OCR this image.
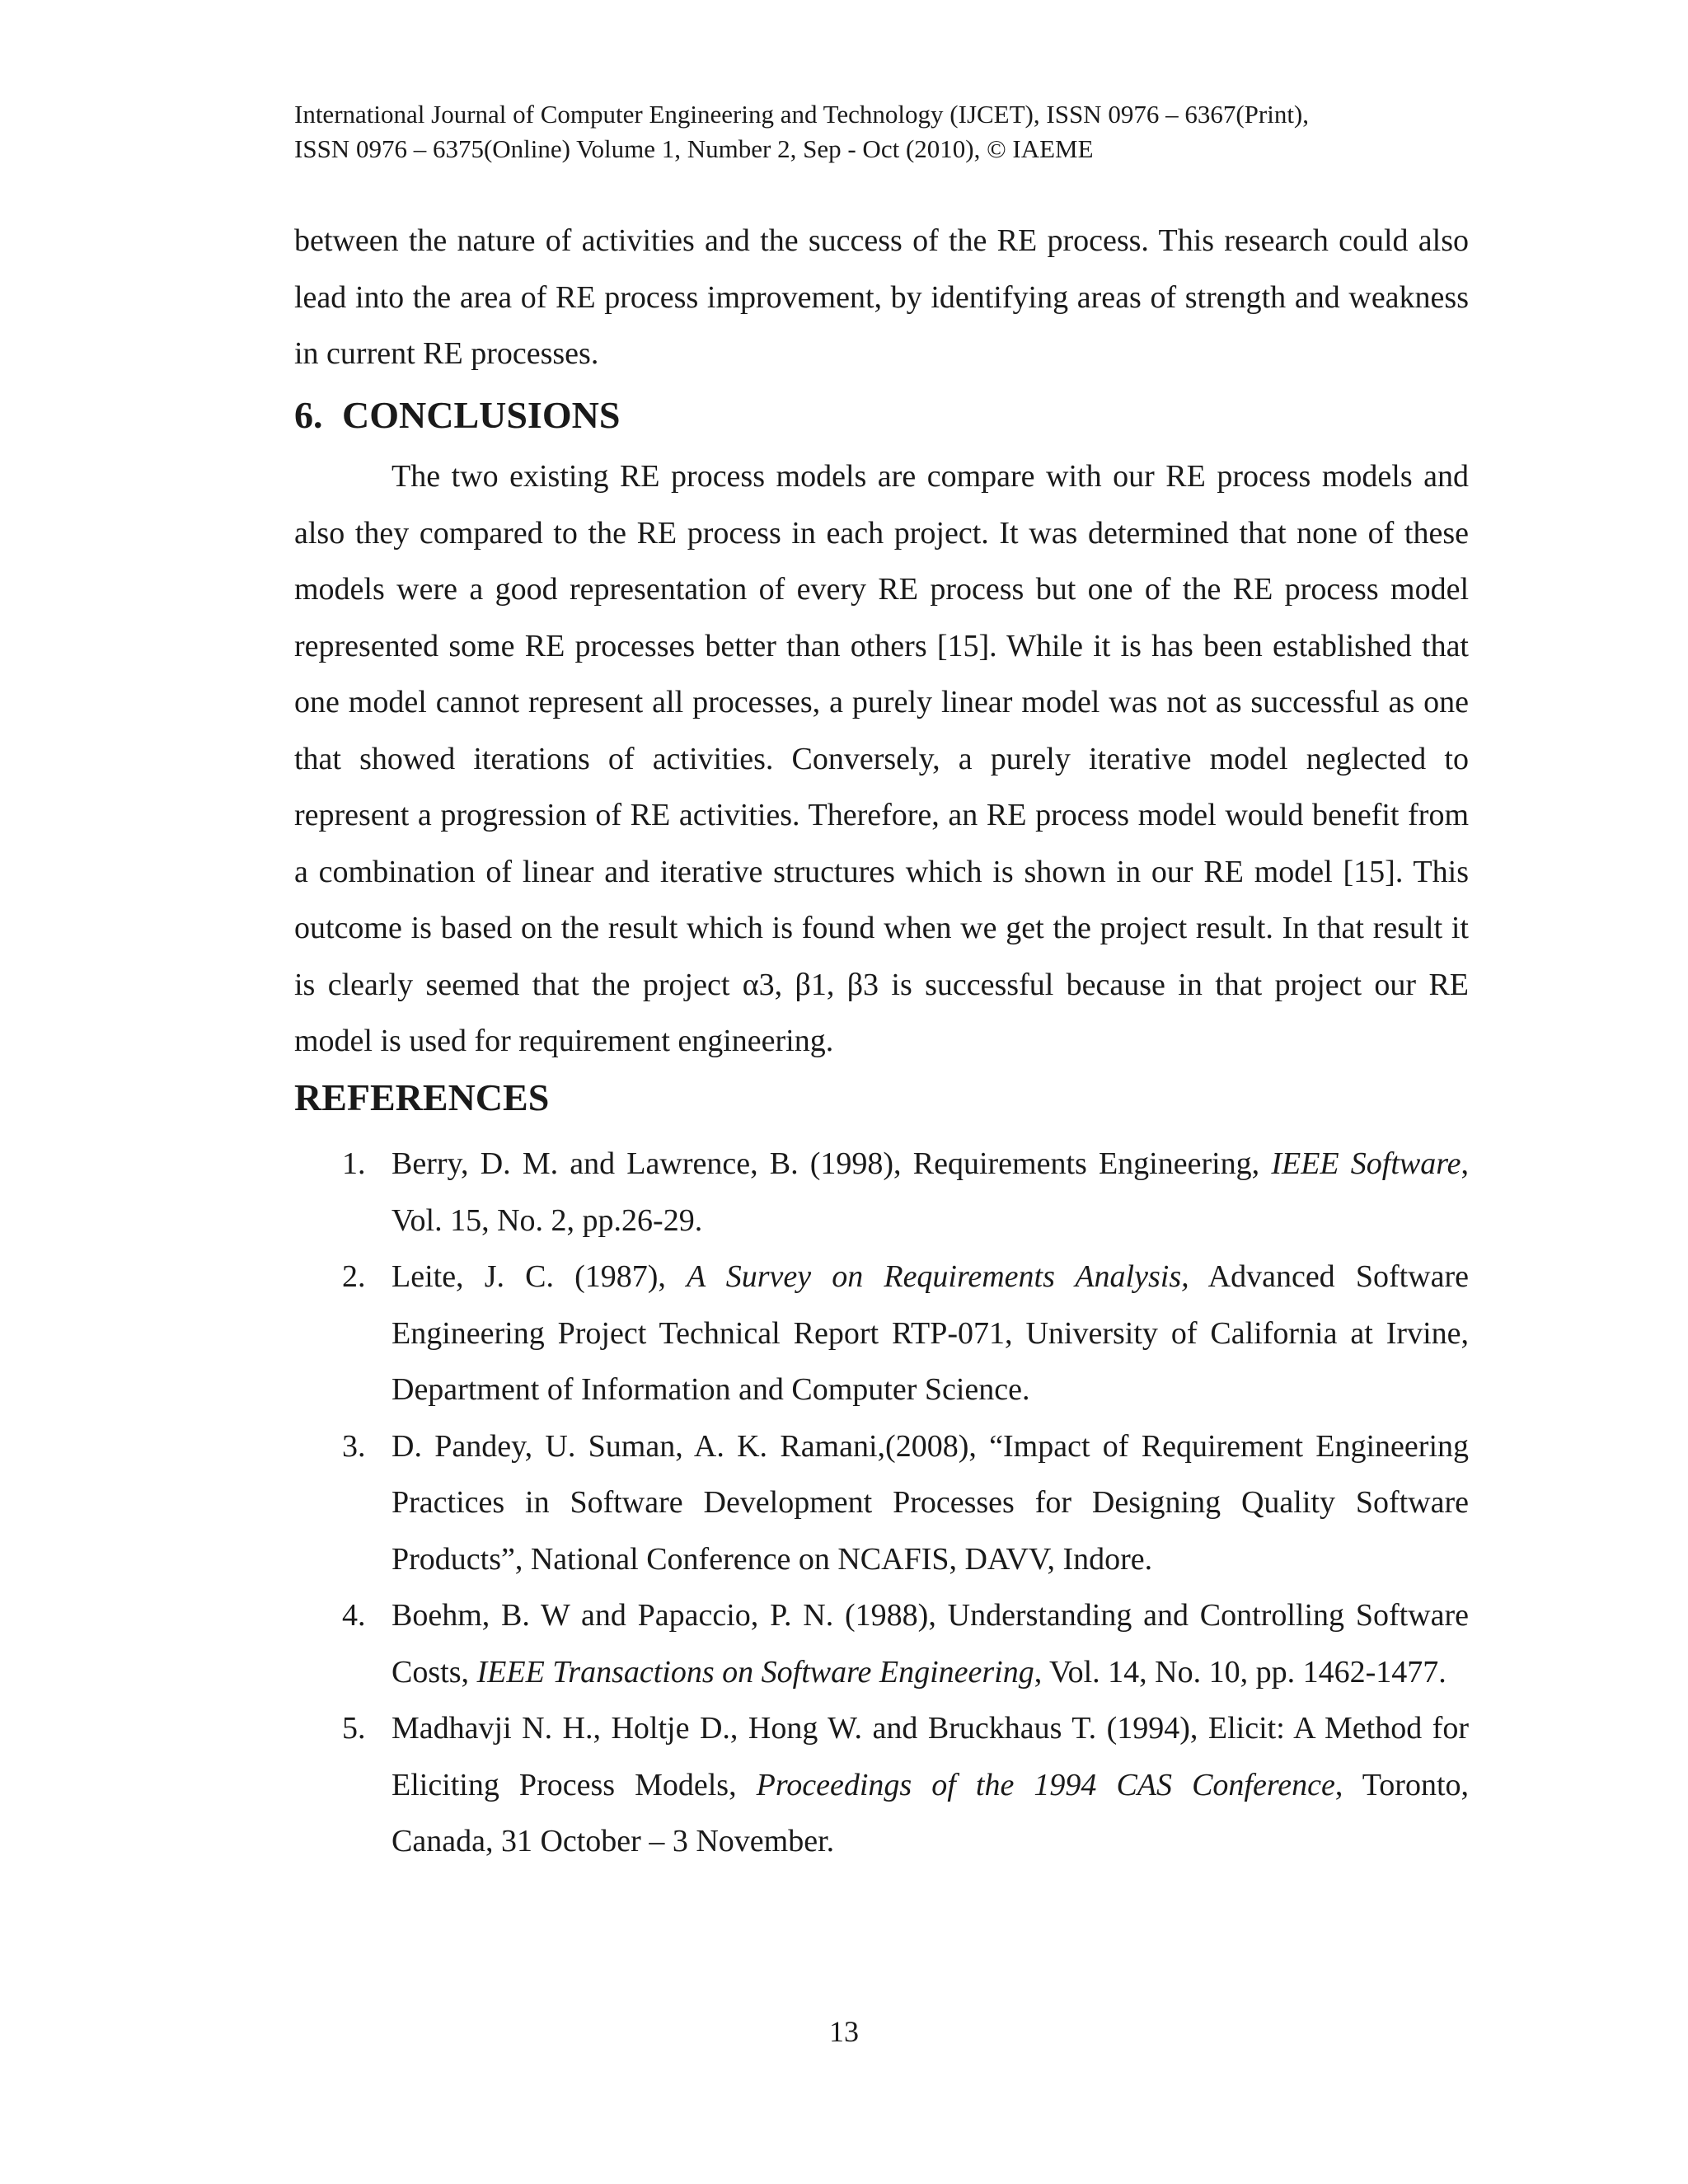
International Journal of Computer Engineering and Technology (IJCET), ISSN 0976 – 6367(Print),
ISSN 0976 – 6375(Online) Volume 1, Number 2, Sep - Oct (2010), © IAEME

between the nature of activities and the success of the RE process. This research could also lead into the area of RE process improvement, by identifying areas of strength and weakness in current RE processes.

6. CONCLUSIONS

The two existing RE process models are compare with our RE process models and also they compared to the RE process in each project. It was determined that none of these models were a good representation of every RE process but one of the RE process model represented some RE processes better than others [15]. While it is has been established that one model cannot represent all processes, a purely linear model was not as successful as one that showed iterations of activities. Conversely, a purely iterative model neglected to represent a progression of RE activities. Therefore, an RE process model would benefit from a combination of linear and iterative structures which is shown in our RE model [15]. This outcome is based on the result which is found when we get the project result. In that result it is clearly seemed that the project α3, β1, β3 is successful because in that project our RE model is used for requirement engineering.

REFERENCES
1. Berry, D. M. and Lawrence, B. (1998), Requirements Engineering, IEEE Software, Vol. 15, No. 2, pp.26-29.
2. Leite, J. C. (1987), A Survey on Requirements Analysis, Advanced Software Engineering Project Technical Report RTP-071, University of California at Irvine, Department of Information and Computer Science.
3. D. Pandey, U. Suman, A. K. Ramani,(2008), “Impact of Requirement Engineering Practices in Software Development Processes for Designing Quality Software Products”, National Conference on NCAFIS, DAVV, Indore.
4. Boehm, B. W and Papaccio, P. N. (1988), Understanding and Controlling Software Costs, IEEE Transactions on Software Engineering, Vol. 14, No. 10, pp. 1462-1477.
5. Madhavji N. H., Holtje D., Hong W. and Bruckhaus T. (1994), Elicit: A Method for Eliciting Process Models, Proceedings of the 1994 CAS Conference, Toronto, Canada, 31 October – 3 November.
13
